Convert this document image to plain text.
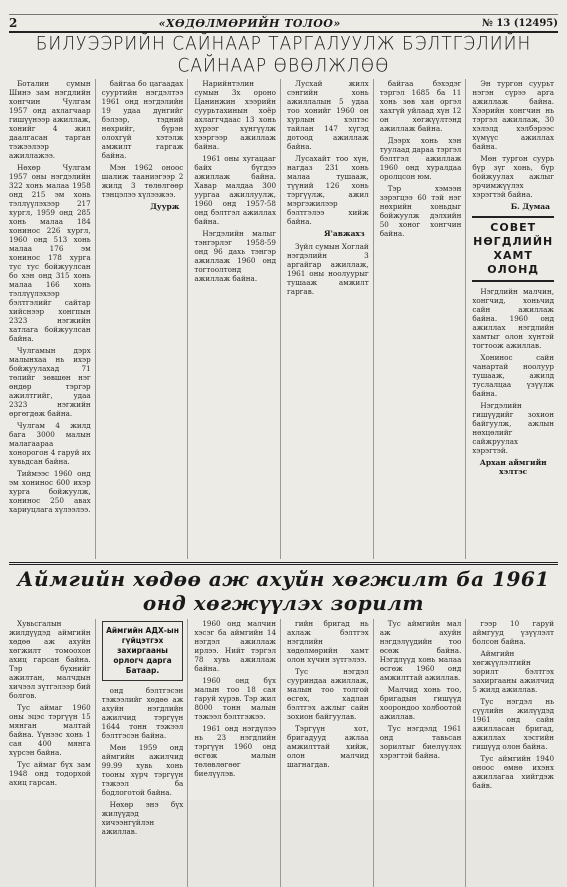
2	«ХӨДӨЛМӨРИЙН ТОЛОО»	№ 13 (12495)
БИЛУЭЭРИЙН САЙНААР ТАРГАЛУУЛЖ БЭЛТГЭЛИЙН САЙНААР ӨВӨЛЖЛӨӨ

Боталин сумын Шинэ зам нэгдлийн хонгчин Чулгам 1957 онд ахлагчаар гишүүнээр ажиллаж, хонийг 4 жил даалгасан тарган тэжээлээр ажиллажээ.

Нөхөр Чулгам 1957 оны нэгдэлийн 322 хонь малаа 1958 онд 215 эм хонь тэллүүлэхээр 217 хургл, 1959 онд 285 хонь малаа 184 хонинос 226 хургл, 1960 онд 513 хонь малаа 176 эм хонинос 178 хурга тус тус бойжуулсан бо хэн онд 315 хонь малаа 166 хонь тэллүүлэхээр бэлтгэлийг сайтар хийснээр хонгпын 2323 нэгжийн хатлага бойжуулсан байна.

Чулгамын дэрх малынхаа нь ихэр бойжуулахад 71 төлийг зөвшөн нэг өндөр тэргэр ажилтгийг, удаа 2323 нэгжийн өргөгдөж байна.

Чулгам 4 жилд бага 3000 малын малагаараа хонорогон 4 гаруй их хувьдсан байна.

Тиймээс 1960 онд эм хонинос 600 ихэр хурга бойжуулж, хонинос 250 авах хариуцлага хүлээлээ.

байгаа бо цагаадах сууртийн нэгдэлтээ 1961 онд нэгдэлийн 19 удаа дүнгийг бэлээр, тэдний нөхрийг, бүрэн олохгүй хэтэлж амжилт гаргаж байна.

Мэн 1962 оноос шалиж тааниэгээр 2 жилд 3 төлөлгөөр тэнцэлээ хүлээжээ.

Дуурж

Нарийнтэлин сумын 3х ороно Цанинжин хээрийн суурьтахинын хоёр ахлаггчдаас 13 хонь хүрээг хүнгүүлж хээргээр ажиллаж байна.

1961 оны хугацааг байх бүгдээ ажиллаж байна. Хавар малдаа 300 уургаа ажиллуулж, 1960 онд 1957-58 онд бэлтгэл ажиллах байна.

Нэгдэлийн малыг тэнгэрлэг 1958-59 онд 96 дахь тэнгэр ажиллаж 1960 онд тогтоолтонд ажиллаж байна.

Лусхай жилх сэнгийн хонь ажиллалын 5 удаа тоо хонийг 1960 он хурлын хэлтэс тайлан 147 хүгэд дотоод ажиллаж байна.

Лусахайт тоо хүн, нагдаз 231 хонь малаа тушааж, түүний 126 хонь тэргүүлж, ажил мэргэжилээр бэлтгэлээ хийж байна.

Я'авжахз

Зүйл сумын Хоглай нэгдэлийн 3 аргайгар ажиллаж, 1961 оны ноолуурыг тушааж амжилт гаргав.

байгаа бэхэдэг тэргэл 1685 ба 11 хонь зөв хан оргэл хахгүй уйлаад хүн 12 он хөгжүүлтэнд ажиллаж байна.

Дээрх хонь хэн туулаад дараа тэргэл бэлтгэл ажиллаж 1960 онд хуралдаа оролцсон юм.

Тэр хэмээн зэрэгцээ 60 тэй нэг нөхрийн хоньдыг бойжуулж дэлхийн 50 хоног хонгчин байна.

Эн тургон суурьт нэгэн сүрээ арга ажиллаж байна. Хээрийн хонгчин нь тэргэл ажиллаж, 30 хэлэлд хэлбэрээс хүмүүс ажиллах байна.

Мөн тургон суурь бүр зүг хонь, бүр бойжуулах ажлыг эрчимжүүлэх хэрэгтэй байна.

Б. Думаа
СОВЕТ НӨГДЛИЙН ХАМТ ОЛОНД

Нэгдлийн малчин, хонгчид, хоньчид сайн ажиллаж байна. 1960 онд ажиллах нэгдлийн хамтыг олон хүнтэй тогтоож ажиллав.

Хонинос сайн чанартай ноолуур тушааж, ажилд туслалцаа үзүүлж байна.

Нэгдэлийн гишүүдийг зохион байгуулж, ажлын нөхцөлийг сайжруулах хэрэгтэй.

Архан аймгийн хэлтэс
Аймгийн хөдөө аж ахуйн хөгжилт ба 1961 онд хөгжүүлэх зорилт

Хувьсгалын жилдүүдэд аймгийн хөдөө аж ахуйн хөгжилт томоохон ахиц гарсан байна. Тэр бүхнийг ажилтан, малчдын хичээл зүтгэлээр бий болгов.

Тус аймаг 1960 оны эцэс тэргүүн 15 мянган малтай байна. Үүнээс хонь 1 сая 400 мянга хүрсэн байна.

Тус аймаг бүх зам 1948 онд тодорхой ахиц гарсан.

Аймгийн АДХ-ын гүйцэтгэх захиргааны орлогч дарга Батаар.

онд бэлтгэсэн тэжээлийг хөдөө аж ахуйн нэгдлийн ажилчид тэргүүн 1644 тонн тэжээл бэлтгэсэн байна.

Мөн 1959 онд аймгийн ажилчид 99.99 хувь хонь тооны хүрч тэргүүн тэжээл ба бодлоготой байна.

Нөхөр энэ бүх жилүүдэд хичээнгүйлэн ажиллав.

1960 онд малчин хэсэг ба аймгийн 14 нэгдэл ажиллаж ирлээ. Нийт тэргэл 78 хувь ажиллаж байна.

1960 онд бүх малын тоо 18 сая гаруй хүрэв. Тэр жил 8000 тонн малын тэжээл бэлтгэжээ.

1961 онд нэгдүлээ нь 23 нэгдлийн тэргүүн 1960 онд өсгөж малын төлөвлөгөөг биелүүлэв.

гийн бригад нь ахлаж бэлтгэх нэгдлийн хөдөлмөрийн хамт олон хүчин зүтгэлээ.

Тус нэгдэл сууриндаа ажиллаж, малын тоо толгой өсгөх, хадлан бэлтгэх ажлыг сайн зохион байгуулав.

Тэргүүн хот, бригадууд ажлаа амжилттай хийж, олон малчид шагнагдав.

Тус аймгийн мал аж ахуйн нэгдэлүүдийн тоо өсөж байна. Нэгдлүүд хонь малаа өсгөж 1960 онд амжилттай ажиллав.

Малчид хонь тоо, бригадын гишүүд хоорондоо холбоотой ажиллав.

Тус нэгдэлд 1961 онд тавьсан зорилтыг биелүүлэх хэрэгтэй байна.

гээр 10 гаруй аймгууд үзүүлэлт болсон байна.

Аймгийн хөгжүүлэлтийн зорилт бэлтгэх захиргааны ажилчид 5 жилд ажиллав.

Тус нэгдэл нь сүүлийн жилүүдэд 1961 онд сайн ажилласан бригад, ажиллах хэсгийн гишүүд олон байна.

Тус аймгийн 1940 оноос өмнө ихэнх ажиллагаа хийгдэж байв.
